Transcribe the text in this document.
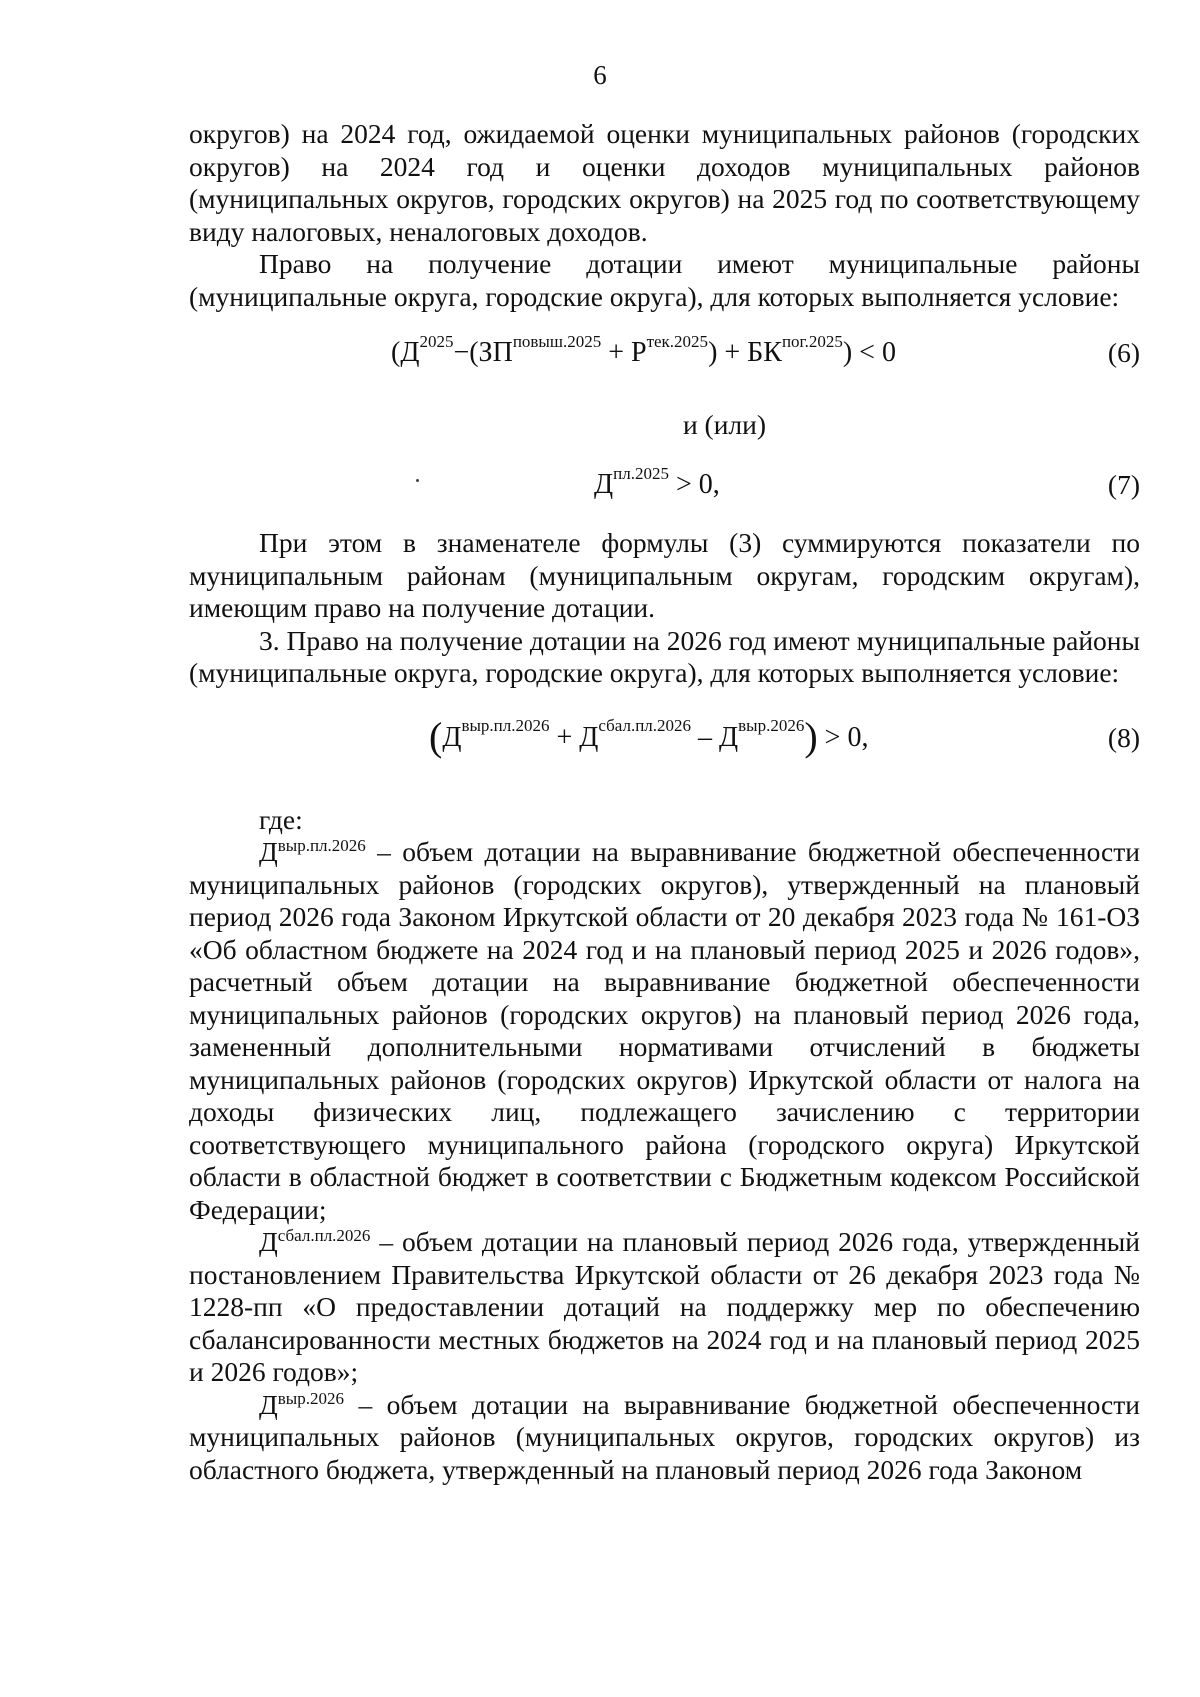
6

округов) на 2024 год, ожидаемой оценки муниципальных районов (городских округов) на 2024 год и оценки доходов муниципальных районов (муниципальных округов, городских округов) на 2025 год по соответствующему виду налоговых, неналоговых доходов.

Право на получение дотации имеют муниципальные районы (муниципальные округа, городские округа), для которых выполняется условие:

$(Д^{2025}-(ЗП^{повыш.2025} + Р^{тек.2025}) + БК^{пог.2025}) < 0$	(6)
и (или)
$Д^{пл.2025} > 0$,	(7)

При этом в знаменателе формулы (3) суммируются показатели по муниципальным районам (муниципальным округам, городским округам), имеющим право на получение дотации.

3. Право на получение дотации на 2026 год имеют муниципальные районы (муниципальные округа, городские округа), для которых выполняется условие:

$(Д^{выр.пл.2026} + Д^{сбал.пл.2026} - Д^{выр.2026}) > 0$,	(8)

где:

$Д^{выр.пл.2026}$ – объем дотации на выравнивание бюджетной обеспеченности муниципальных районов (городских округов), утвержденный на плановый период 2026 года Законом Иркутской области от 20 декабря 2023 года № 161-ОЗ «Об областном бюджете на 2024 год и на плановый период 2025 и 2026 годов», расчетный объем дотации на выравнивание бюджетной обеспеченности муниципальных районов (городских округов) на плановый период 2026 года, замененный дополнительными нормативами отчислений в бюджеты муниципальных районов (городских округов) Иркутской области от налога на доходы физических лиц, подлежащего зачислению с территории соответствующего муниципального района (городского округа) Иркутской области в областной бюджет в соответствии с Бюджетным кодексом Российской Федерации;

$Д^{сбал.пл.2026}$ – объем дотации на плановый период 2026 года, утвержденный постановлением Правительства Иркутской области от 26 декабря 2023 года № 1228-пп «О предоставлении дотаций на поддержку мер по обеспечению сбалансированности местных бюджетов на 2024 год и на плановый период 2025 и 2026 годов»;

$Д^{выр.2026}$ – объем дотации на выравнивание бюджетной обеспеченности муниципальных районов (муниципальных округов, городских округов) из областного бюджета, утвержденный на плановый период 2026 года Законом
